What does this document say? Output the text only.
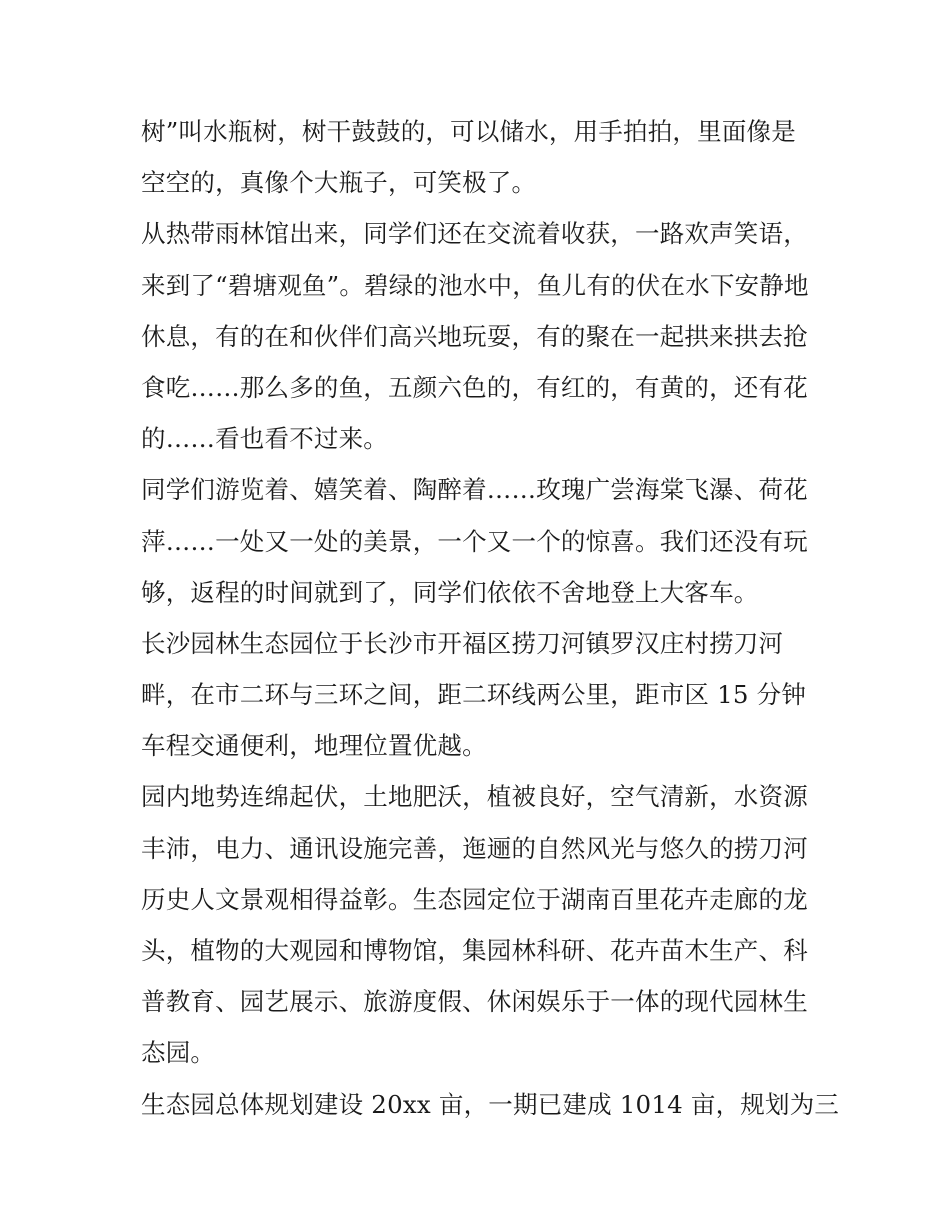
树”叫水瓶树，树干鼓鼓的，可以储水，用手拍拍，里面像是
空空的，真像个大瓶子，可笑极了。
从热带雨林馆出来，同学们还在交流着收获，一路欢声笑语，
来到了“碧塘观鱼”。碧绿的池水中，鱼儿有的伏在水下安静地
休息，有的在和伙伴们高兴地玩耍，有的聚在一起拱来拱去抢
食吃……那么多的鱼，五颜六色的，有红的，有黄的，还有花
的……看也看不过来。
同学们游览着、嬉笑着、陶醉着……玫瑰广尝海棠飞瀑、荷花
萍……一处又一处的美景，一个又一个的惊喜。我们还没有玩
够，返程的时间就到了，同学们依依不舍地登上大客车。
长沙园林生态园位于长沙市开福区捞刀河镇罗汉庄村捞刀河
畔，在市二环与三环之间，距二环线两公里，距市区 15 分钟
车程交通便利，地理位置优越。
园内地势连绵起伏，土地肥沃，植被良好，空气清新，水资源
丰沛，电力、通讯设施完善，迤逦的自然风光与悠久的捞刀河
历史人文景观相得益彰。生态园定位于湖南百里花卉走廊的龙
头，植物的大观园和博物馆，集园林科研、花卉苗木生产、科
普教育、园艺展示、旅游度假、休闲娱乐于一体的现代园林生
态园。
生态园总体规划建设 20xx 亩，一期已建成 1014 亩，规划为三
